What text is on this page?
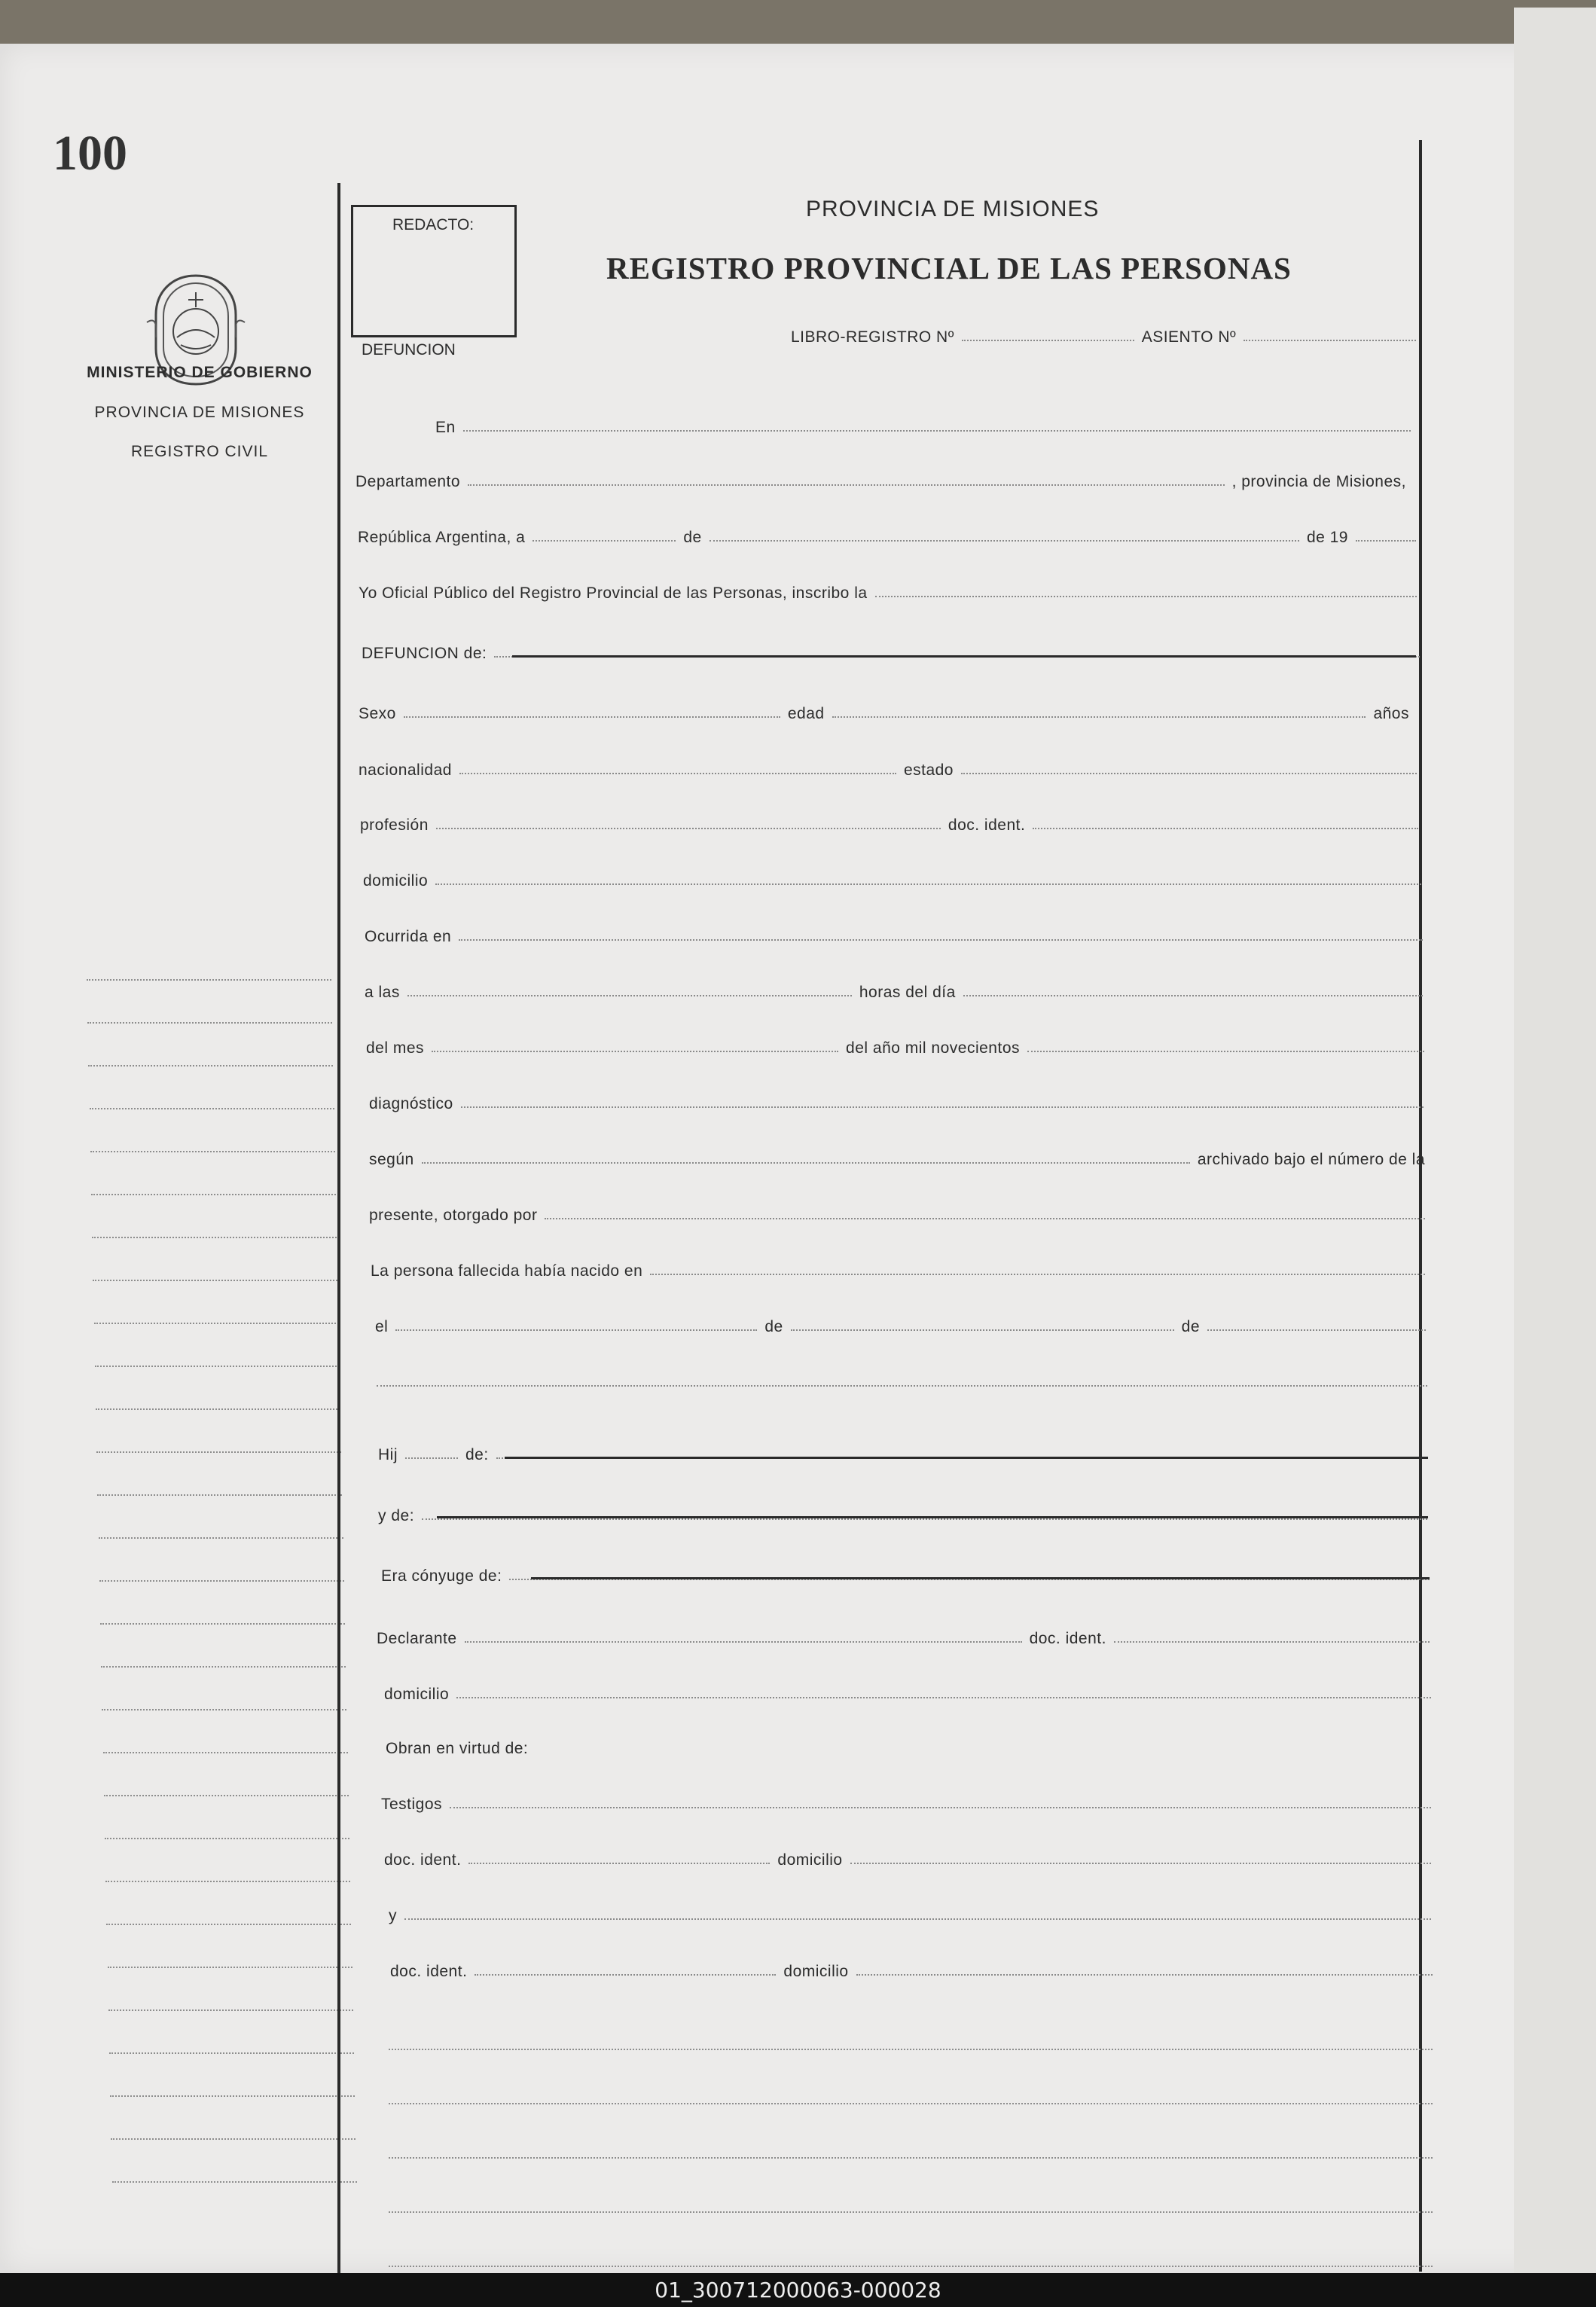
100
MINISTERIO DE GOBIERNO
PROVINCIA DE MISIONES
REGISTRO CIVIL
REDACTO:
PROVINCIA DE MISIONES
REGISTRO PROVINCIAL DE LAS PERSONAS
LIBRO-REGISTRO Nº	ASIENTO Nº
DEFUNCION
En
Departamento	, provincia de Misiones,
República Argentina, a	de	de 19
Yo Oficial Público del Registro Provincial de las Personas, inscribo la
DEFUNCION de:
Sexo	edad	años
nacionalidad	estado
profesión	doc. ident.
domicilio
Ocurrida en
a las	horas del día
del mes	del año mil novecientos
diagnóstico
según	archivado bajo el número de la
presente, otorgado por
La persona fallecida había nacido en
el	de	de
Hij	de:
y de:
Era cónyuge de:
Declarante	doc. ident.
domicilio
Obran en virtud de:
Testigos
doc. ident.	domicilio
y
doc. ident.	domicilio
01_300712000063-000028
